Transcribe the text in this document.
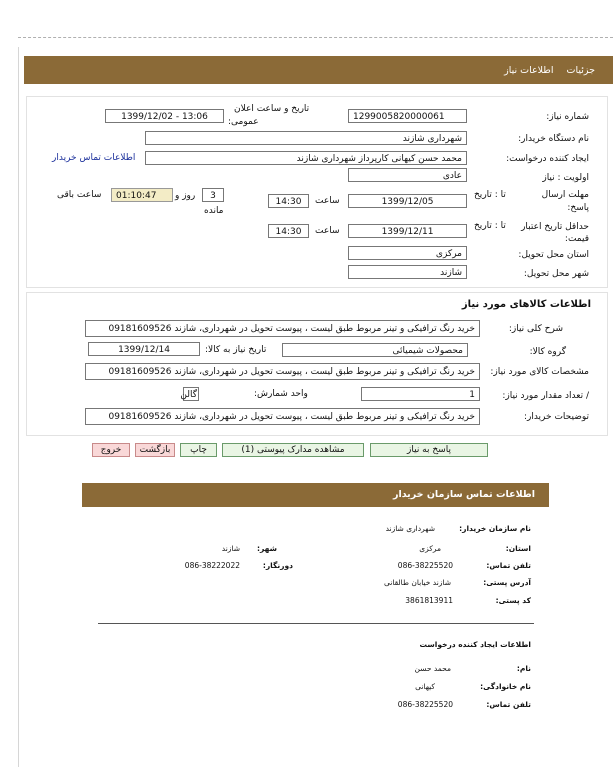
جزئیات اطلاعات نیاز
شماره نیاز:
1299005820000061
تاریخ و ساعت اعلان
عمومی:
1399/12/02 - 13:06
نام دستگاه خریدار:
شهرداری شازند
ایجاد کننده درخواست:
محمد حسن کیهانی کارپرداز شهرداری شازند
اطلاعات تماس خریدار
اولویت : نیاز
عادی
مهلت ارسال
پاسخ:
تا : تاریخ
1399/12/05
ساعت
14:30
3
روز و
مانده
01:10:47
ساعت باقی
حداقل تاریخ اعتبار
قیمت:
تا : تاریخ
1399/12/11
ساعت
14:30
استان محل تحویل:
مرکزی
شهر محل تحویل:
شازند
اطلاعات کالاهای مورد نیاز
شرح کلی نیاز:
خرید رنگ ترافیکی و تینر مربوط طبق لیست ، پیوست تحویل در شهرداری، شازند 09181609526
گروه کالا:
محصولات شیمیائی
تاریخ نیاز به کالا:
1399/12/14
مشخصات کالای مورد نیاز:
خرید رنگ ترافیکی و تینر مربوط طبق لیست ، پیوست تحویل در شهرداری، شازند 09181609526
/ تعداد مقدار مورد نیاز:
1
واحد شمارش:
گالن
توضیحات خریدار:
خرید رنگ ترافیکی و تینر مربوط طبق لیست ، پیوست تحویل در شهرداری، شازند 09181609526
پاسخ به نیاز
مشاهده مدارک پیوستی (1)
چاپ
بازگشت
خروج
اطلاعات تماس سازمان خریدار
نام سازمان خریدار:
شهرداری شازند
استان:
مرکزی
شهر:
شازند
تلفن تماس:
086-38225520
دورنگار:
086-38222022
آدرس پستی:
شازند خیابان طالقانی
کد پستی:
3861813911
اطلاعات ایجاد کننده درخواست
نام:
محمد حسن
نام خانوادگی:
کیهانی
تلفن تماس:
086-38225520
